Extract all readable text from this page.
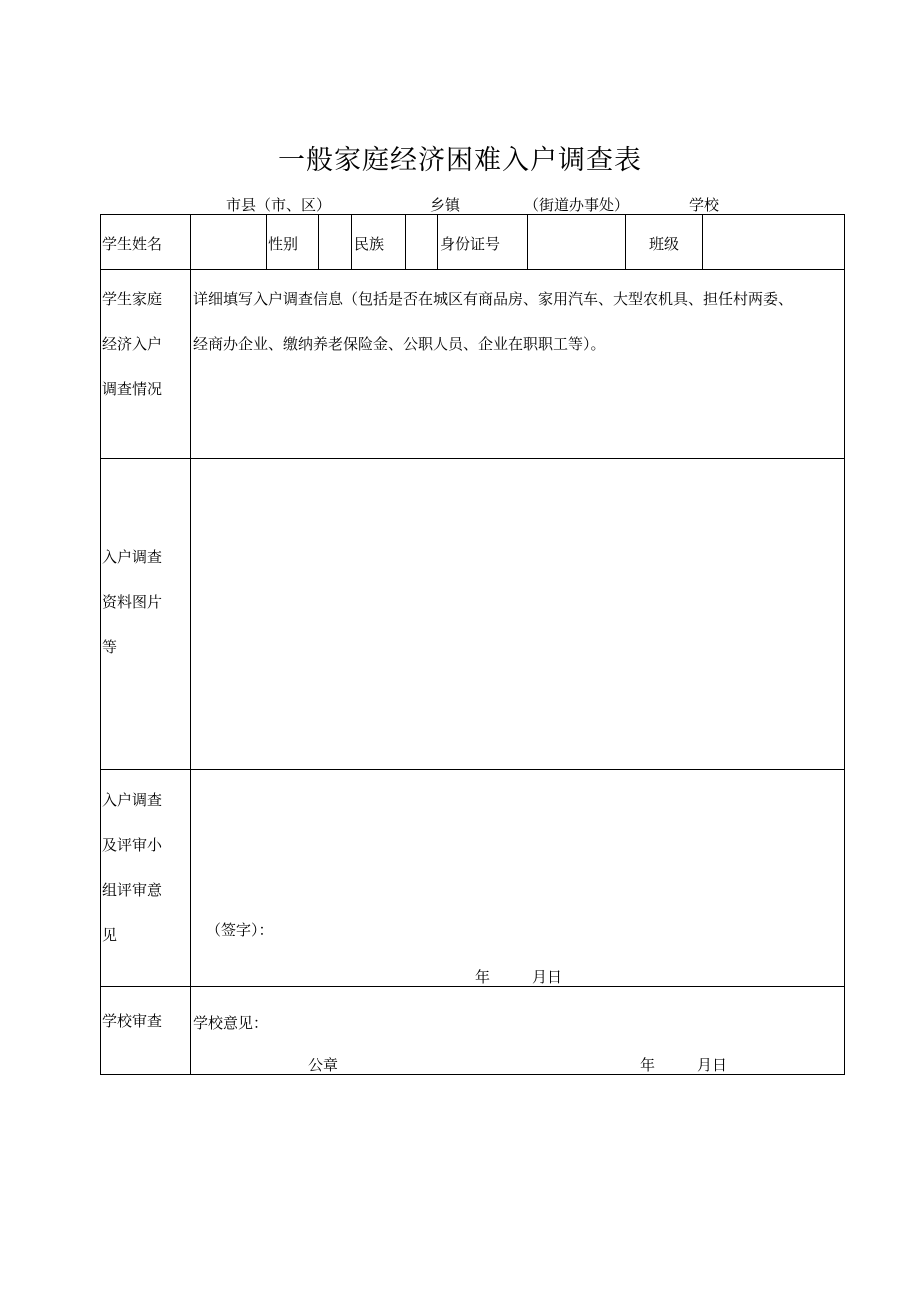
一般家庭经济困难入户调查表
市县（市、区）	乡镇	（街道办事处）	学校
学生姓名	性别	民族	身份证号	班级
学生家庭
经济入户
调查情况
详细填写入户调查信息（包括是否在城区有商品房、家用汽车、大型农机具、担任村两委、
经商办企业、缴纳养老保险金、公职人员、企业在职职工等）。
入户调查
资料图片
等
入户调查
及评审小
组评审意
见	（签字）：
年	月日
学校审查 学校意见：
公章	年	月日
